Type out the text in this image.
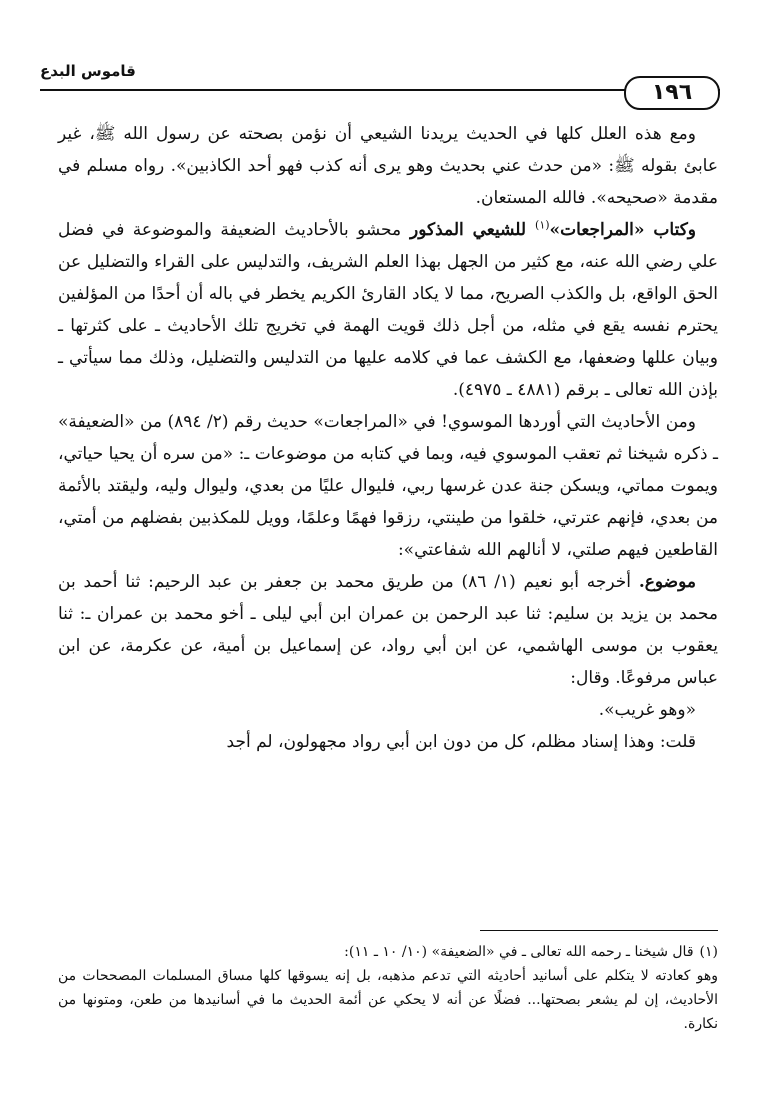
قاموس البدع
١٩٦

ومع هذه العلل كلها في الحديث يريدنا الشيعي أن نؤمن بصحته عن رسول الله ﷺ، غير عابئ بقوله ﷺ: «من حدث عني بحديث وهو يرى أنه كذب فهو أحد الكاذبين». رواه مسلم في مقدمة «صحيحه». فالله المستعان.

وكتاب «المراجعات»$^{(١)}$ للشيعي المذكور محشو بالأحاديث الضعيفة والموضوعة في فضل علي رضي الله عنه، مع كثير من الجهل بهذا العلم الشريف، والتدليس على القراء والتضليل عن الحق الواقع، بل والكذب الصريح، مما لا يكاد القارئ الكريم يخطر في باله أن أحدًا من المؤلفين يحترم نفسه يقع في مثله، من أجل ذلك قويت الهمة في تخريج تلك الأحاديث ـ على كثرتها ـ وبيان عللها وضعفها، مع الكشف عما في كلامه عليها من التدليس والتضليل، وذلك مما سيأتي ـ بإذن الله تعالى ـ برقم (٤٨٨١ ـ ٤٩٧٥).

ومن الأحاديث التي أوردها الموسوي! في «المراجعات» حديث رقم (٢/ ٨٩٤) من «الضعيفة» ـ ذكره شيخنا ثم تعقب الموسوي فيه، وبما في كتابه من موضوعات ـ: «من سره أن يحيا حياتي، ويموت مماتي، ويسكن جنة عدن غرسها ربي، فليوال عليًا من بعدي، وليوال وليه، وليقتد بالأئمة من بعدي، فإنهم عترتي، خلقوا من طينتي، رزقوا فهمًا وعلمًا، وويل للمكذبين بفضلهم من أمتي، القاطعين فيهم صلتي، لا أنالهم الله شفاعتي»:

موضوع. أخرجه أبو نعيم (١/ ٨٦) من طريق محمد بن جعفر بن عبد الرحيم: ثنا أحمد بن محمد بن يزيد بن سليم: ثنا عبد الرحمن بن عمران ابن أبي ليلى ـ أخو محمد بن عمران ـ: ثنا يعقوب بن موسى الهاشمي، عن ابن أبي رواد، عن إسماعيل بن أمية، عن عكرمة، عن ابن عباس مرفوعًا. وقال:

«وهو غريب».

قلت: وهذا إسناد مظلم، كل من دون ابن أبي رواد مجهولون، لم أجد

(١)قال شيخنا ـ رحمه الله تعالى ـ في «الضعيفة» (١٠/ ١٠ ـ ١١):

وهو كعادته لا يتكلم على أسانيد أحاديثه التي تدعم مذهبه، بل إنه يسوقها كلها مساق المسلمات المصححات من الأحاديث، إن لم يشعر بصحتها... فضلًا عن أنه لا يحكي عن أئمة الحديث ما في أسانيدها من طعن، ومتونها من نكارة.
